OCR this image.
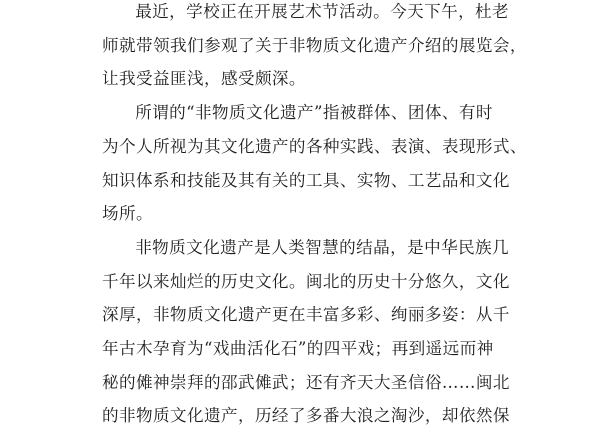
最近，学校正在开展艺术节活动。今天下午，杜老
师就带领我们参观了关于非物质文化遗产介绍的展览会，
让我受益匪浅，感受颇深。
所谓的“非物质文化遗产”指被群体、团体、有时
为个人所视为其文化遗产的各种实践、表演、表现形式、
知识体系和技能及其有关的工具、实物、工艺品和文化
场所。
非物质文化遗产是人类智慧的结晶，是中华民族几
千年以来灿烂的历史文化。闽北的历史十分悠久，文化
深厚，非物质文化遗产更在丰富多彩、绚丽多姿：从千
年古木孕育为“戏曲活化石”的四平戏；再到遥远而神
秘的傩神崇拜的邵武傩武；还有齐天大圣信俗……闽北
的非物质文化遗产，历经了多番大浪之淘沙，却依然保
